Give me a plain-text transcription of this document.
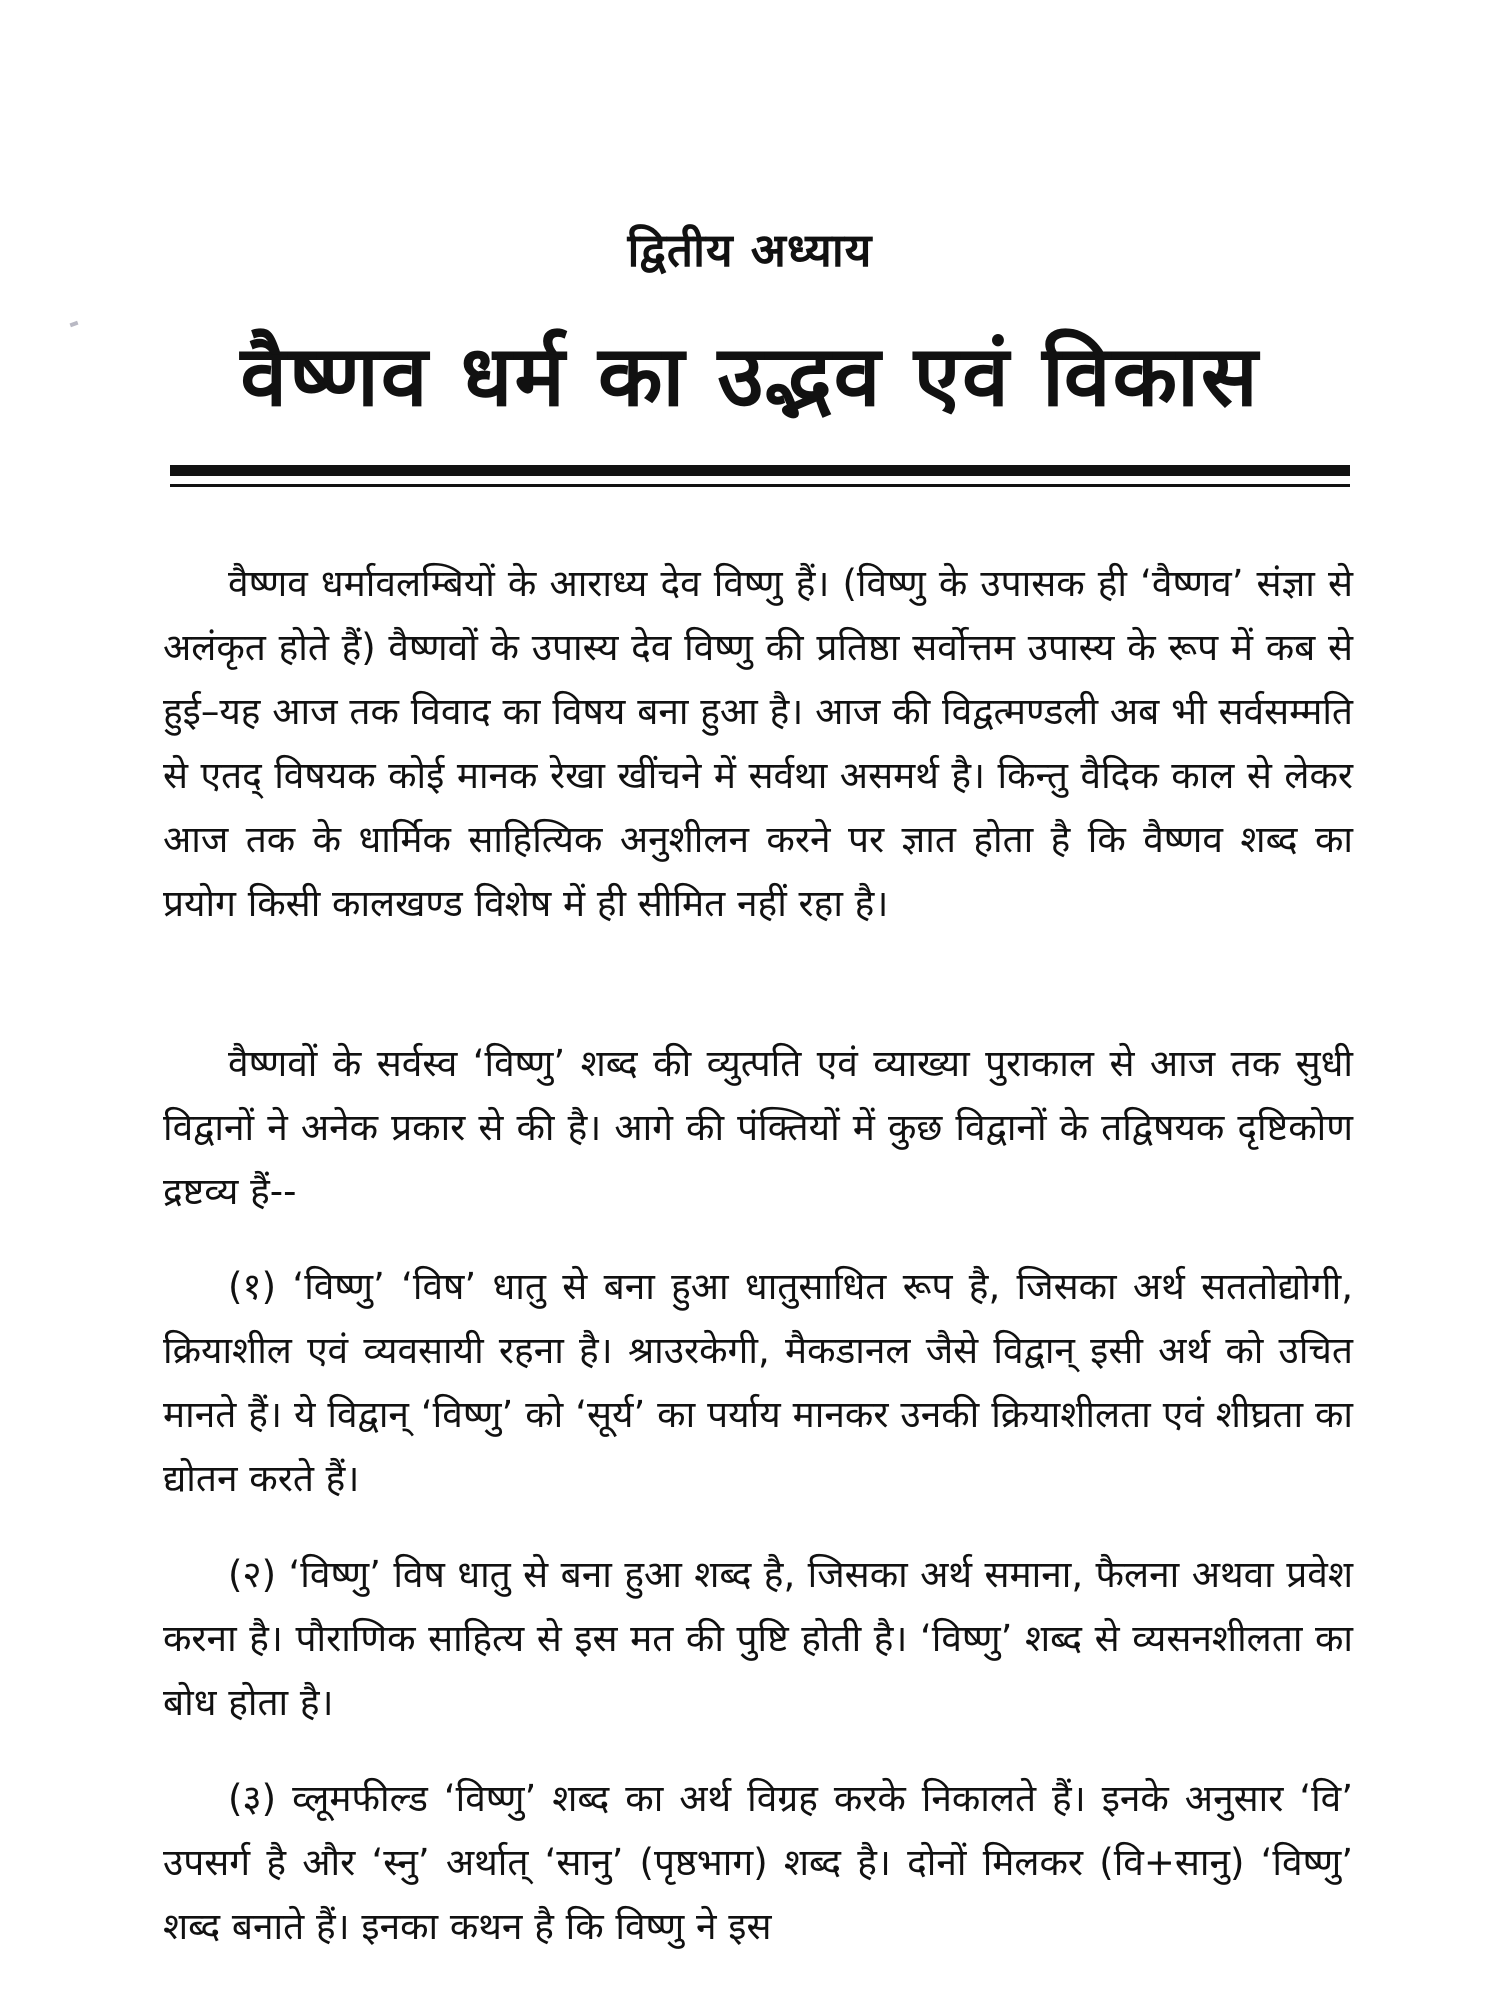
द्वितीय अध्याय
वैष्णव धर्म का उद्भव एवं विकास

वैष्णव धर्मावलम्बियों के आराध्य देव विष्णु हैं। (विष्णु के उपासक ही ‘वैष्णव’ संज्ञा से अलंकृत होते हैं) वैष्णवों के उपास्य देव विष्णु की प्रतिष्ठा सर्वोत्तम उपास्य के रूप में कब से हुई–यह आज तक विवाद का विषय बना हुआ है। आज की विद्वत्मण्डली अब भी सर्वसम्मति से एतद् विषयक कोई मानक रेखा खींचने में सर्वथा असमर्थ है। किन्तु वैदिक काल से लेकर आज तक के धार्मिक साहित्यिक अनुशीलन करने पर ज्ञात होता है कि वैष्णव शब्द का प्रयोग किसी कालखण्ड विशेष में ही सीमित नहीं रहा है।

वैष्णवों के सर्वस्व ‘विष्णु’ शब्द की व्युत्पति एवं व्याख्या पुराकाल से आज तक सुधी विद्वानों ने अनेक प्रकार से की है। आगे की पंक्तियों में कुछ विद्वानों के तद्विषयक दृष्टिकोण द्रष्टव्य हैं--

(१) ‘विष्णु’ ‘विष’ धातु से बना हुआ धातुसाधित रूप है, जिसका अर्थ सततोद्योगी, क्रियाशील एवं व्यवसायी रहना है। श्राउरकेगी, मैकडानल जैसे विद्वान् इसी अर्थ को उचित मानते हैं। ये विद्वान् ‘विष्णु’ को ‘सूर्य’ का पर्याय मानकर उनकी क्रियाशीलता एवं शीघ्रता का द्योतन करते हैं।

(२) ‘विष्णु’ विष धातु से बना हुआ शब्द है, जिसका अर्थ समाना, फैलना अथवा प्रवेश करना है। पौराणिक साहित्य से इस मत की पुष्टि होती है। ‘विष्णु’ शब्द से व्यसनशीलता का बोध होता है।

(३) व्लूमफील्ड ‘विष्णु’ शब्द का अर्थ विग्रह करके निकालते हैं। इनके अनुसार ‘वि’ उपसर्ग है और ‘स्नु’ अर्थात् ‘सानु’ (पृष्ठभाग) शब्द है। दोनों मिलकर (वि+सानु) ‘विष्णु’ शब्द बनाते हैं। इनका कथन है कि विष्णु ने इस
